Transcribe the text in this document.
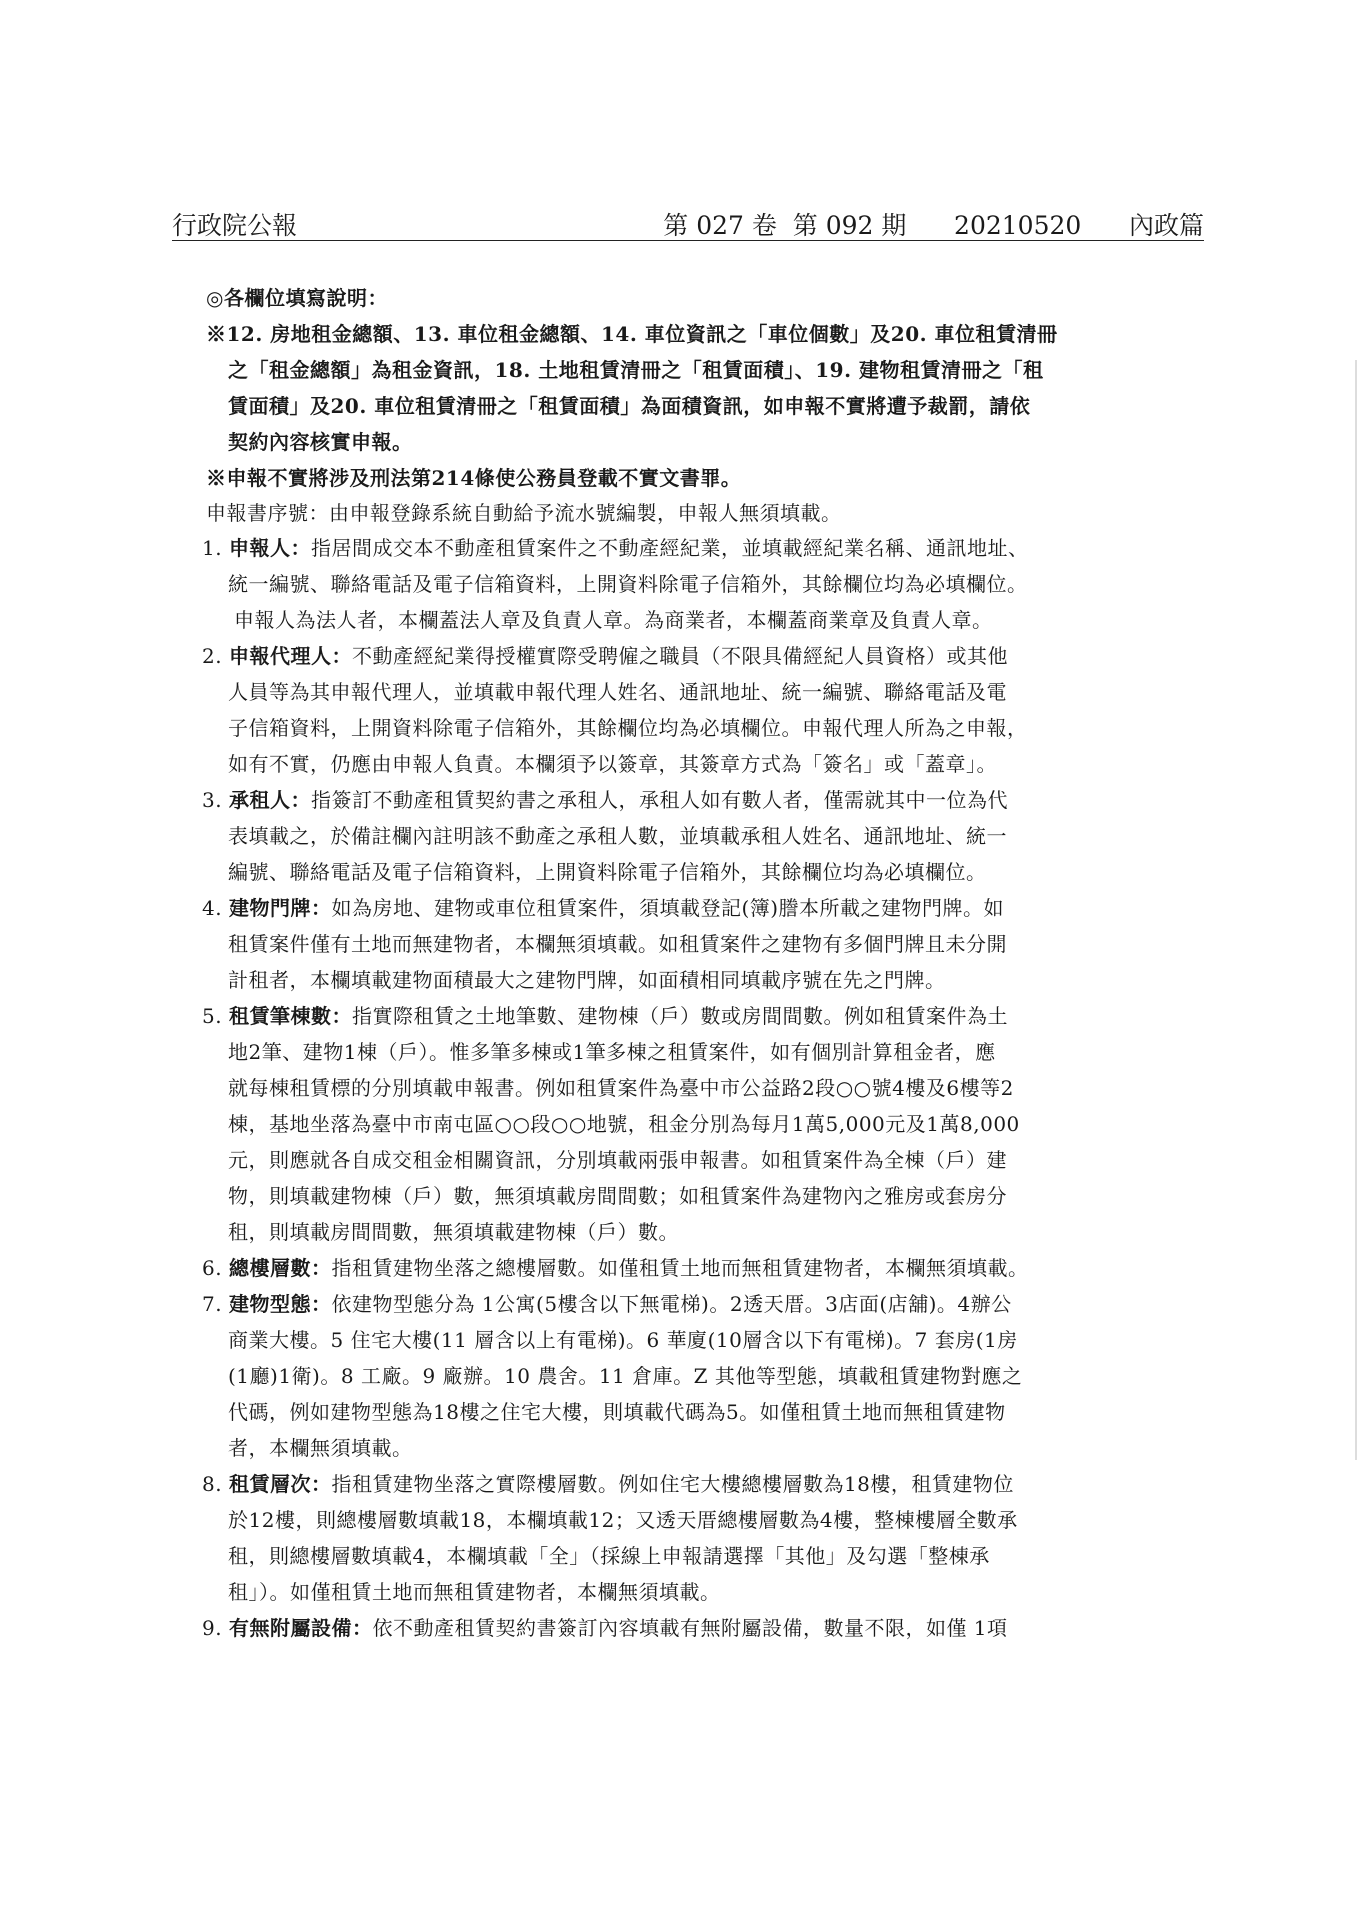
行政院公報	第 027 卷  第 092 期      20210520      內政篇
◎各欄位填寫說明：
※12. 房地租金總額、13. 車位租金總額、14. 車位資訊之「車位個數」及20. 車位租賃清冊
之「租金總額」為租金資訊，18. 土地租賃清冊之「租賃面積」、19. 建物租賃清冊之「租
賃面積」及20. 車位租賃清冊之「租賃面積」為面積資訊，如申報不實將遭予裁罰，請依
契約內容核實申報。
※申報不實將涉及刑法第214條使公務員登載不實文書罪。
申報書序號：由申報登錄系統自動給予流水號編製，申報人無須填載。
1. 申報人：指居間成交本不動產租賃案件之不動產經紀業，並填載經紀業名稱、通訊地址、
統一編號、聯絡電話及電子信箱資料，上開資料除電子信箱外，其餘欄位均為必填欄位。
申報人為法人者，本欄蓋法人章及負責人章。為商業者，本欄蓋商業章及負責人章。
2. 申報代理人：不動產經紀業得授權實際受聘僱之職員（不限具備經紀人員資格）或其他
人員等為其申報代理人，並填載申報代理人姓名、通訊地址、統一編號、聯絡電話及電
子信箱資料，上開資料除電子信箱外，其餘欄位均為必填欄位。申報代理人所為之申報，
如有不實，仍應由申報人負責。本欄須予以簽章，其簽章方式為「簽名」或「蓋章」。
3. 承租人：指簽訂不動產租賃契約書之承租人，承租人如有數人者，僅需就其中一位為代
表填載之，於備註欄內註明該不動產之承租人數，並填載承租人姓名、通訊地址、統一
編號、聯絡電話及電子信箱資料，上開資料除電子信箱外，其餘欄位均為必填欄位。
4. 建物門牌：如為房地、建物或車位租賃案件，須填載登記(簿)謄本所載之建物門牌。如
租賃案件僅有土地而無建物者，本欄無須填載。如租賃案件之建物有多個門牌且未分開
計租者，本欄填載建物面積最大之建物門牌，如面積相同填載序號在先之門牌。
5. 租賃筆棟數：指實際租賃之土地筆數、建物棟（戶）數或房間間數。例如租賃案件為土
地2筆、建物1棟（戶）。惟多筆多棟或1筆多棟之租賃案件，如有個別計算租金者，應
就每棟租賃標的分別填載申報書。例如租賃案件為臺中市公益路2段○○號4樓及6樓等2
棟，基地坐落為臺中市南屯區○○段○○地號，租金分別為每月1萬5,000元及1萬8,000
元，則應就各自成交租金相關資訊，分別填載兩張申報書。如租賃案件為全棟（戶）建
物，則填載建物棟（戶）數，無須填載房間間數；如租賃案件為建物內之雅房或套房分
租，則填載房間間數，無須填載建物棟（戶）數。
6. 總樓層數：指租賃建物坐落之總樓層數。如僅租賃土地而無租賃建物者，本欄無須填載。
7. 建物型態：依建物型態分為 1公寓(5樓含以下無電梯)。2透天厝。3店面(店舖)。4辦公
商業大樓。5 住宅大樓(11 層含以上有電梯)。6 華廈(10層含以下有電梯)。7 套房(1房
(1廳)1衛)。8 工廠。9 廠辦。10 農舍。11 倉庫。Z 其他等型態，填載租賃建物對應之
代碼，例如建物型態為18樓之住宅大樓，則填載代碼為5。如僅租賃土地而無租賃建物
者，本欄無須填載。
8. 租賃層次：指租賃建物坐落之實際樓層數。例如住宅大樓總樓層數為18樓，租賃建物位
於12樓，則總樓層數填載18，本欄填載12；又透天厝總樓層數為4樓，整棟樓層全數承
租，則總樓層數填載4，本欄填載「全」（採線上申報請選擇「其他」及勾選「整棟承
租」）。如僅租賃土地而無租賃建物者，本欄無須填載。
9. 有無附屬設備：依不動產租賃契約書簽訂內容填載有無附屬設備，數量不限，如僅 1項
